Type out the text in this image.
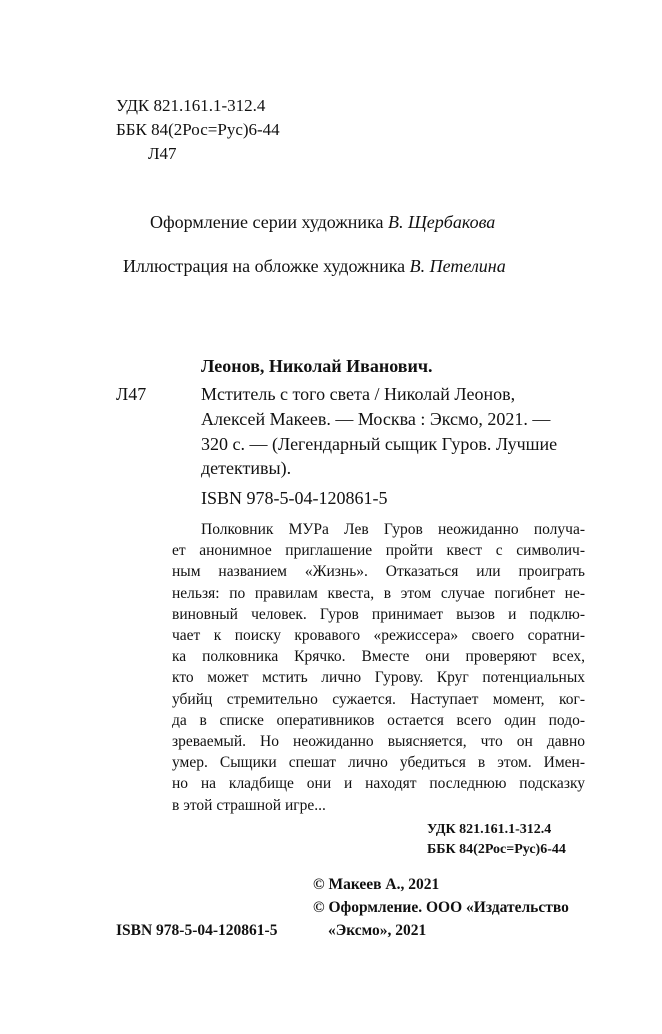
УДК 821.161.1-312.4
ББК 84(2Рос=Рус)6-44
Л47
Оформление серии художника В. Щербакова
Иллюстрация на обложке художника В. Петелина
Леонов, Николай Иванович.
Л47	Мститель с того света / Николай Леонов,
Алексей Макеев. — Москва : Эксмо, 2021. —
320 с. — (Легендарный сыщик Гуров. Лучшие
детективы).
ISBN 978-5-04-120861-5
Полковник МУРа Лев Гуров неожиданно получа-
ет анонимное приглашение пройти квест с символич-
ным названием «Жизнь». Отказаться или проиграть
нельзя: по правилам квеста, в этом случае погибнет не-
виновный человек. Гуров принимает вызов и подклю-
чает к поиску кровавого «режиссера» своего соратни-
ка полковника Крячко. Вместе они проверяют всех,
кто может мстить лично Гурову. Круг потенциальных
убийц стремительно сужается. Наступает момент, ког-
да в списке оперативников остается всего один подо-
зреваемый. Но неожиданно выясняется, что он давно
умер. Сыщики спешат лично убедиться в этом. Имен-
но на кладбище они и находят последнюю подсказку
в этой страшной игре...
УДК 821.161.1-312.4
ББК 84(2Рос=Рус)6-44
© Макеев А., 2021
© Оформление. ООО «Издательство
«Эксмо», 2021
ISBN 978-5-04-120861-5
